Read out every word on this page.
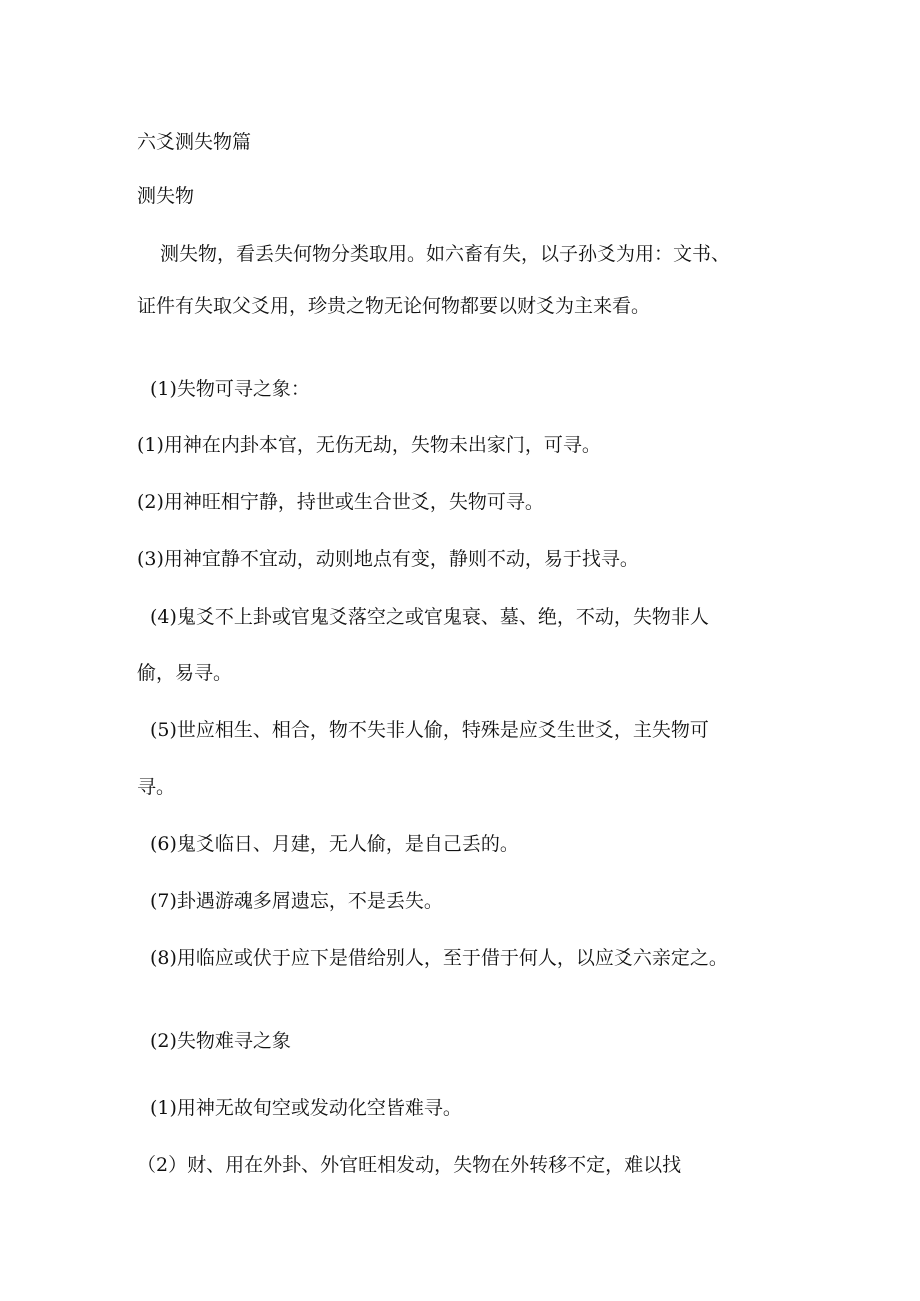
六爻测失物篇
测失物
测失物，看丢失何物分类取用。如六畜有失，以子孙爻为用：文书、
证件有失取父爻用，珍贵之物无论何物都要以财爻为主来看。
(1)失物可寻之象：
(1)用神在内卦本官，无伤无劫，失物未出家门，可寻。
(2)用神旺相宁静，持世或生合世爻，失物可寻。
(3)用神宜静不宜动，动则地点有变，静则不动，易于找寻。
(4)鬼爻不上卦或官鬼爻落空之或官鬼衰、墓、绝，不动，失物非人
偷，易寻。
(5)世应相生、相合，物不失非人偷，特殊是应爻生世爻，主失物可
寻。
(6)鬼爻临日、月建，无人偷，是自己丢的。
(7)卦遇游魂多屑遗忘，不是丢失。
(8)用临应或伏于应下是借给别人，至于借于何人，以应爻六亲定之。
(2)失物难寻之象
(1)用神无故旬空或发动化空皆难寻。
（2）财、用在外卦、外官旺相发动，失物在外转移不定，难以找
